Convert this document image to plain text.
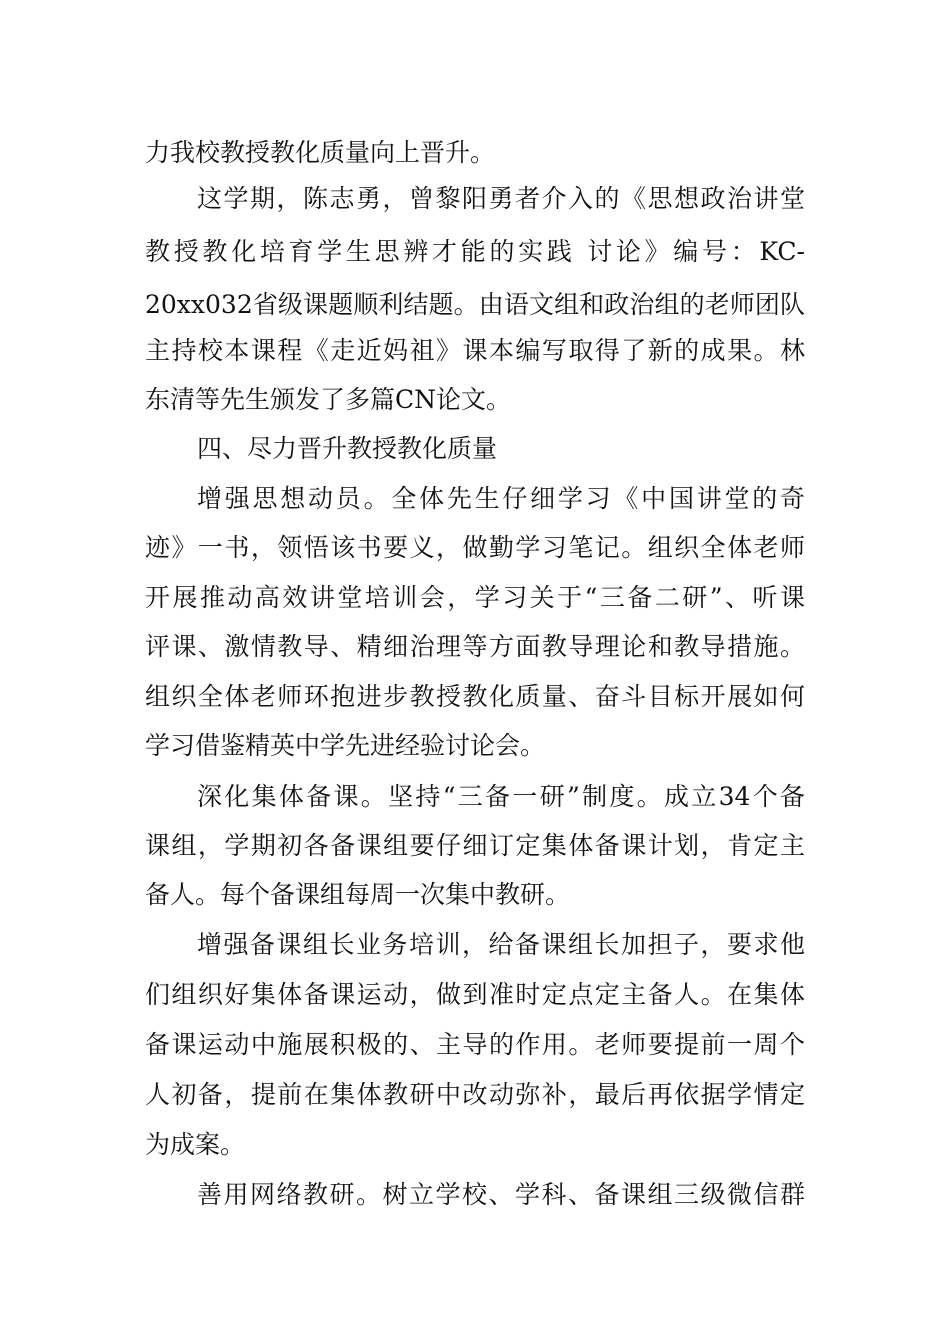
力我校教授教化质量向上晋升。
这学期，陈志勇，曾黎阳勇者介入的《思想政治讲堂
教授教化培育学生思辨才能的实践 讨论》编号：KC-
20xx032省级课题顺利结题。由语文组和政治组的老师团队
主持校本课程《走近妈祖》课本编写取得了新的成果。林
东清等先生颁发了多篇CN论文。
四、尽力晋升教授教化质量
增强思想动员。全体先生仔细学习《中国讲堂的奇
迹》一书，领悟该书要义，做勤学习笔记。组织全体老师
开展推动高效讲堂培训会，学习关于“三备二研”、听课
评课、激情教导、精细治理等方面教导理论和教导措施。
组织全体老师环抱进步教授教化质量、奋斗目标开展如何
学习借鉴精英中学先进经验讨论会。
深化集体备课。坚持“三备一研”制度。成立34个备
课组，学期初各备课组要仔细订定集体备课计划，肯定主
备人。每个备课组每周一次集中教研。
增强备课组长业务培训，给备课组长加担子，要求他
们组织好集体备课运动，做到准时定点定主备人。在集体
备课运动中施展积极的、主导的作用。老师要提前一周个
人初备，提前在集体教研中改动弥补，最后再依据学情定
为成案。
善用网络教研。树立学校、学科、备课组三级微信群
